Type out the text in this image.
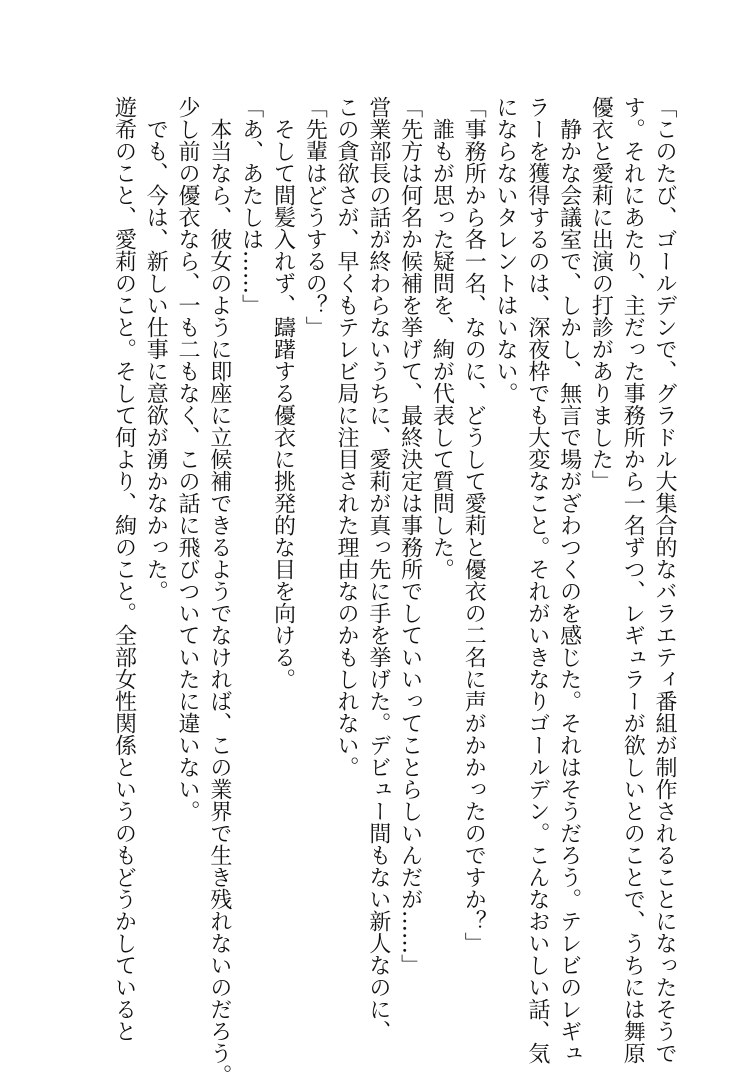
「このたび、ゴールデンで、グラドル大集合的なバラエティ番組が制作されることになったそうで

す。それにあたり、主だった事務所から一名ずつ、レギュラーが欲しいとのことで、うちには舞原

優衣と愛莉に出演の打診がありました」

静かな会議室で、しかし、無言で場がざわつくのを感じた。それはそうだろう。テレビのレギュ

ラーを獲得するのは、深夜枠でも大変なこと。それがいきなりゴールデン。こんなおいしい話、気

にならないタレントはいない。

「事務所から各一名、なのに、どうして愛莉と優衣の二名に声がかかったのですか？」

誰もが思った疑問を、絢が代表して質問した。

「先方は何名か候補を挙げて、最終決定は事務所でしていいってことらしいんだが……」

営業部長の話が終わらないうちに、愛莉が真っ先に手を挙げた。デビュー間もない新人なのに、

この貪欲さが、早くもテレビ局に注目された理由なのかもしれない。

「先輩はどうするの？」

そして間髪入れず、躊躇する優衣に挑発的な目を向ける。

「あ、あたしは……」

本当なら、彼女のように即座に立候補できるようでなければ、この業界で生き残れないのだろう。

少し前の優衣なら、一も二もなく、この話に飛びついていたに違いない。

でも、今は、新しい仕事に意欲が湧かなかった。

遊希のこと、愛莉のこと。そして何より、絢のこと。全部女性関係というのもどうかしていると
